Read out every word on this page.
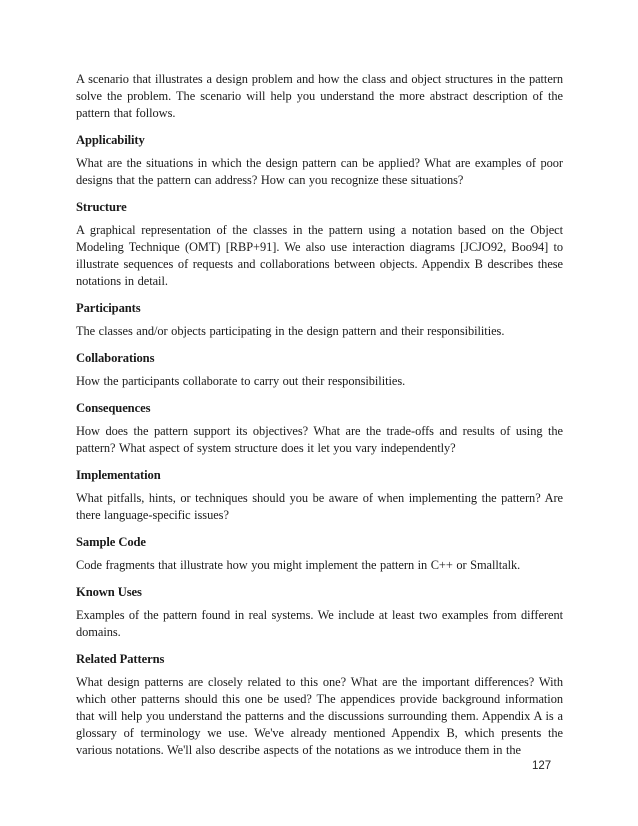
A scenario that illustrates a design problem and how the class and object structures in the pattern solve the problem. The scenario will help you understand the more abstract description of the pattern that follows.

Applicability

What are the situations in which the design pattern can be applied? What are examples of poor designs that the pattern can address? How can you recognize these situations?

Structure

A graphical representation of the classes in the pattern using a notation based on the Object Modeling Technique (OMT) [RBP+91]. We also use interaction diagrams [JCJO92, Boo94] to illustrate sequences of requests and collaborations between objects. Appendix B describes these notations in detail.

Participants

The classes and/or objects participating in the design pattern and their responsibilities.

Collaborations

How the participants collaborate to carry out their responsibilities.

Consequences

How does the pattern support its objectives? What are the trade-offs and results of using the pattern? What aspect of system structure does it let you vary independently?

Implementation

What pitfalls, hints, or techniques should you be aware of when implementing the pattern? Are there language-specific issues?

Sample Code

Code fragments that illustrate how you might implement the pattern in C++ or Smalltalk.

Known Uses

Examples of the pattern found in real systems. We include at least two examples from different domains.

Related Patterns

What design patterns are closely related to this one? What are the important differences? With which other patterns should this one be used? The appendices provide background information that will help you understand the patterns and the discussions surrounding them. Appendix A is a glossary of terminology we use. We've already mentioned Appendix B, which presents the various notations. We'll also describe aspects of the notations as we introduce them in the

127
